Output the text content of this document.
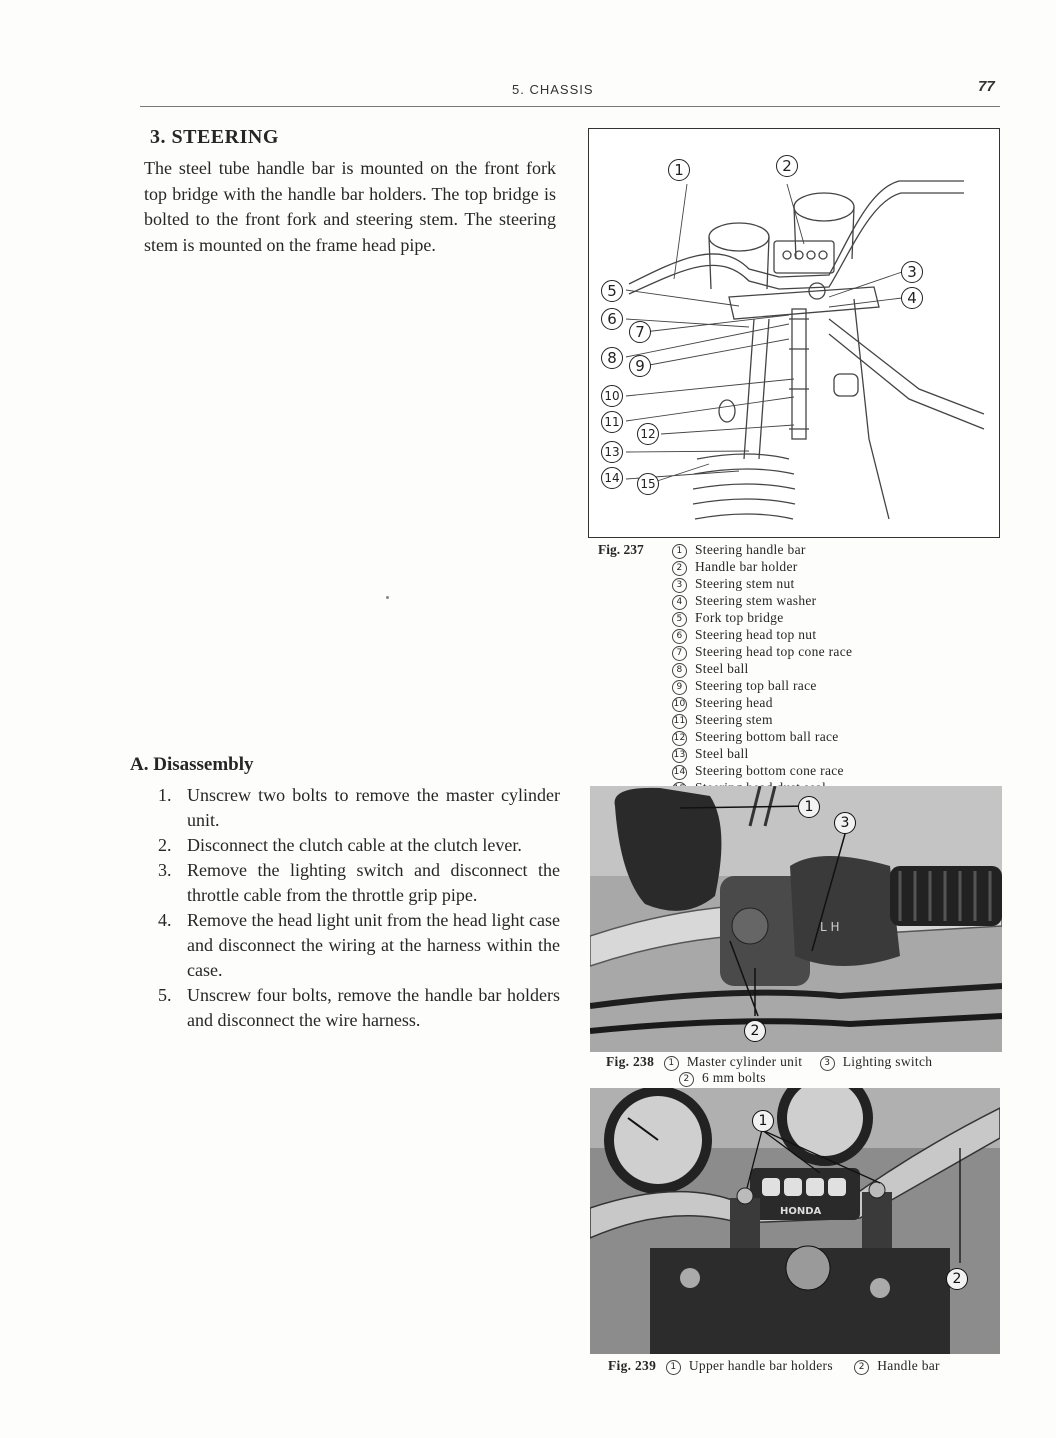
5. CHASSIS	77
3. STEERING
The steel tube handle bar is mounted on the front fork top bridge with the handle bar holders. The top bridge is bolted to the front fork and steering stem. The steering stem is mounted on the frame head pipe.
A. Disassembly
1. Unscrew two bolts to remove the master cylinder unit.
2. Disconnect the clutch cable at the clutch lever.
3. Remove the lighting switch and disconnect the throttle cable from the throttle grip pipe.
4. Remove the head light unit from the head light case and disconnect the wiring at the harness within the case.
5. Unscrew four bolts, remove the handle bar holders and disconnect the wire harness.
1	2
3
4
5
6
7
8	9
10
11
12
13
14 15
Fig. 237	1 Steering handle bar
2 Handle bar holder
3 Steering stem nut
4 Steering stem washer
5 Fork top bridge
6 Steering head top nut
7 Steering head top cone race
8 Steel ball
9 Steering top ball race
10 Steering head
11 Steering stem
12 Steering bottom ball race
13 Steel ball
14 Steering bottom cone race
L H
1
3
2
Fig. 238 1 Master cylinder unit 3 Lighting switch
2 6 mm bolts
HONDA
1
2
Fig. 239 1 Upper handle bar holders	2 Handle bar
